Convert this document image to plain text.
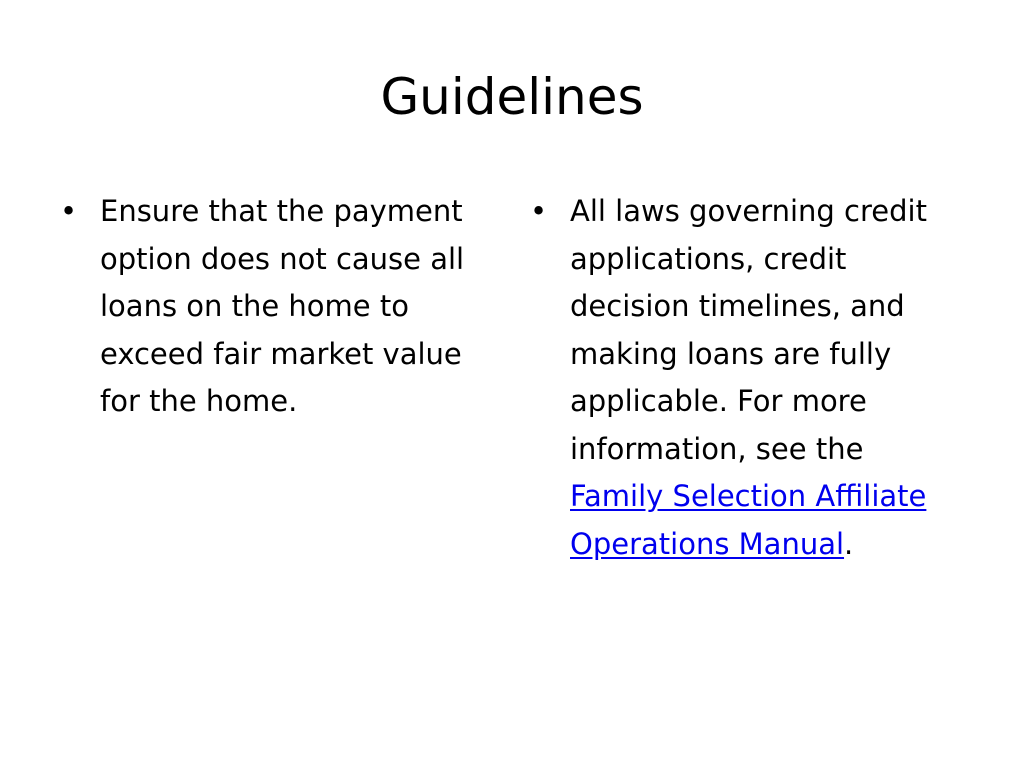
Guidelines
• Ensure that the payment option does not cause all loans on the home to exceed fair market value for the home.
• All laws governing credit applications, credit decision timelines, and making loans are fully applicable. For more information, see the Family Selection Affiliate Operations Manual.
